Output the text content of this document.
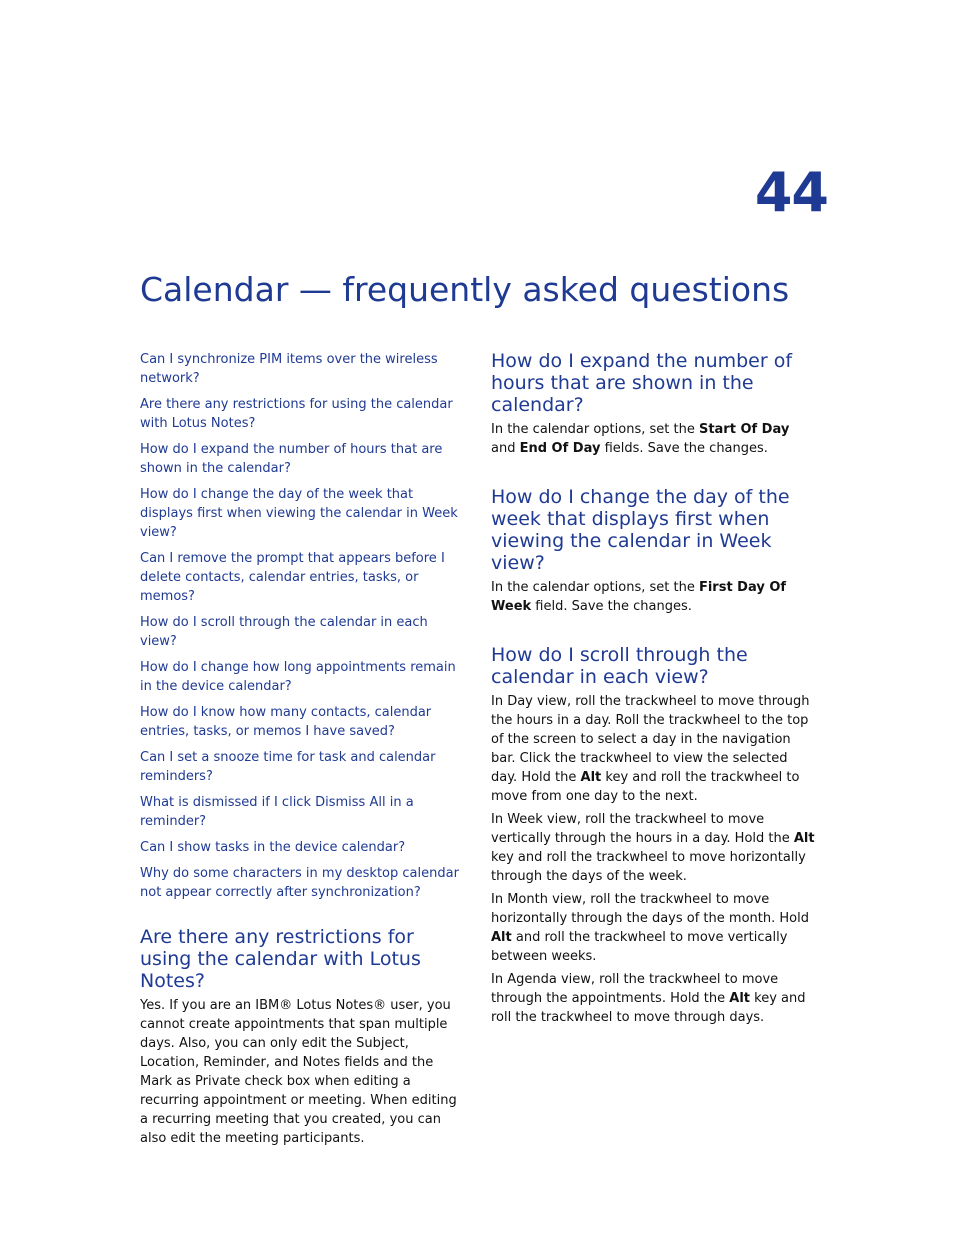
44
Calendar — frequently asked questions
Can I synchronize PIM items over the wireless network?
Are there any restrictions for using the calendar with Lotus Notes?
How do I expand the number of hours that are shown in the calendar?
How do I change the day of the week that displays first when viewing the calendar in Week view?
Can I remove the prompt that appears before I delete contacts, calendar entries, tasks, or memos?
How do I scroll through the calendar in each view?
How do I change how long appointments remain in the device calendar?
How do I know how many contacts, calendar entries, tasks, or memos I have saved?
Can I set a snooze time for task and calendar reminders?
What is dismissed if I click Dismiss All in a reminder?
Can I show tasks in the device calendar?
Why do some characters in my desktop calendar not appear correctly after synchronization?
Are there any restrictions for using the calendar with Lotus Notes?

Yes. If you are an IBM® Lotus Notes® user, you cannot create appointments that span multiple days. Also, you can only edit the Subject, Location, Reminder, and Notes fields and the Mark as Private check box when editing a recurring appointment or meeting. When editing a recurring meeting that you created, you can also edit the meeting participants.

How do I expand the number of hours that are shown in the calendar?

In the calendar options, set the Start Of Day and End Of Day fields. Save the changes.

How do I change the day of the week that displays first when viewing the calendar in Week view?

In the calendar options, set the First Day Of Week field. Save the changes.

How do I scroll through the calendar in each view?

In Day view, roll the trackwheel to move through the hours in a day. Roll the trackwheel to the top of the screen to select a day in the navigation bar. Click the trackwheel to view the selected day. Hold the Alt key and roll the trackwheel to move from one day to the next.

In Week view, roll the trackwheel to move vertically through the hours in a day. Hold the Alt key and roll the trackwheel to move horizontally through the days of the week.

In Month view, roll the trackwheel to move horizontally through the days of the month. Hold Alt and roll the trackwheel to move vertically between weeks.

In Agenda view, roll the trackwheel to move through the appointments. Hold the Alt key and roll the trackwheel to move through days.
